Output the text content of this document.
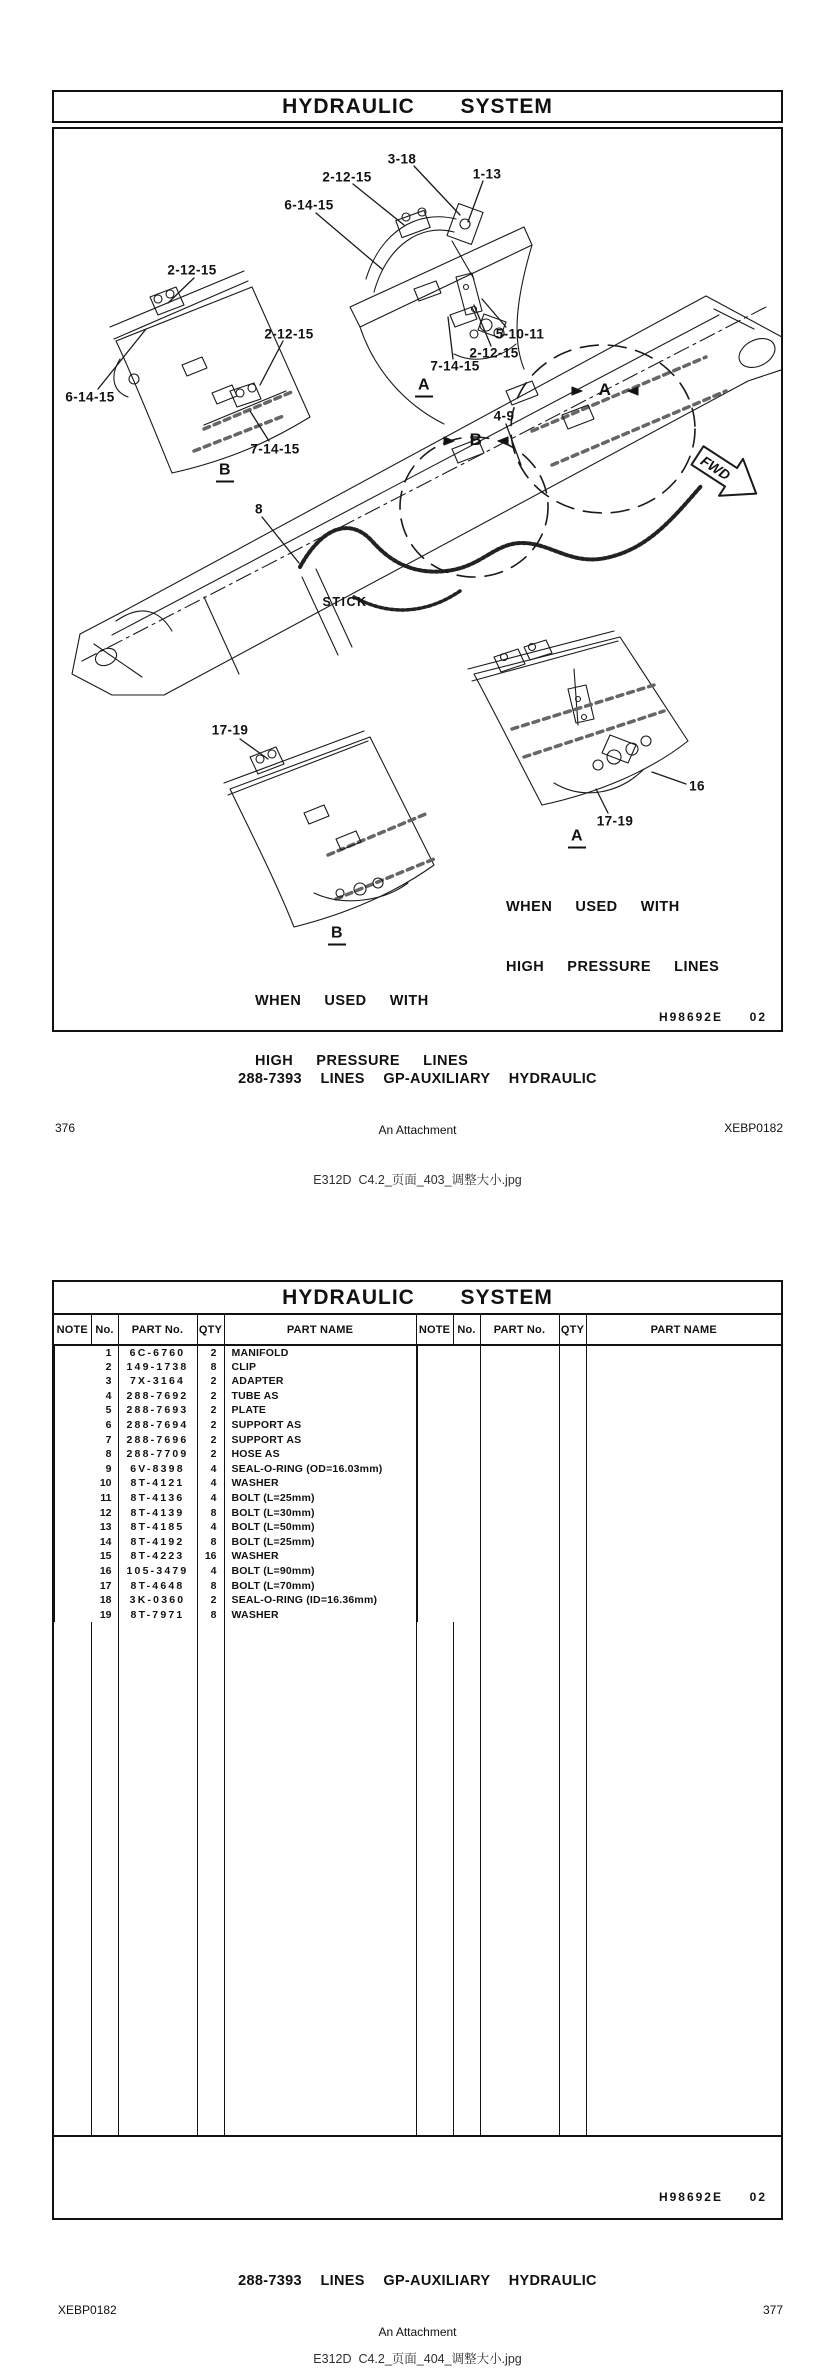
HYDRAULIC  SYSTEM
FWD
3-18
1-13
2-12-15
6-14-15
5-10-11
2-12-15
7-14-15
A
2-12-15
2-12-15
6-14-15
7-14-15
B
A
B
4-9
8
STICK
17-19
16
17-19
A
B

WHEN  USED  WITH

HIGH  PRESSURE  LINES

WHEN  USED  WITH

HIGH  PRESSURE  LINES

H98692E  02

288-7393  LINES  GP-AUXILIARY  HYDRAULIC

An Attachment

376	XEBP0182
E312D  C4.2_页面_403_调整大小.jpg
HYDRAULIC  SYSTEM
NOTE	No.	PART No.	QTY	PART NAME	NOTE	No.	PART No.	QTY	PART NAME

1	6C-6760	2	MANIFOLD	

2	149-1738	8	CLIP	

3	7X-3164	2	ADAPTER	

4	288-7692	2	TUBE AS	

5	288-7693	2	PLATE	

6	288-7694	2	SUPPORT AS	

7	288-7696	2	SUPPORT AS	

8	288-7709	2	HOSE AS	

9	6V-8398	4	SEAL-O-RING (OD=16.03mm)	

10	8T-4121	4	WASHER	

11	8T-4136	4	BOLT (L=25mm)	

12	8T-4139	8	BOLT (L=30mm)	

13	8T-4185	4	BOLT (L=50mm)	

14	8T-4192	8	BOLT (L=25mm)	

15	8T-4223	16	WASHER	

16	105-3479	4	BOLT (L=90mm)	

17	8T-4648	8	BOLT (L=70mm)	

18	3K-0360	2	SEAL-O-RING (ID=16.36mm)	

19	8T-7971	8	WASHER	

H98692E  02

288-7393  LINES  GP-AUXILIARY  HYDRAULIC

An Attachment

XEBP0182	377
E312D  C4.2_页面_404_调整大小.jpg
